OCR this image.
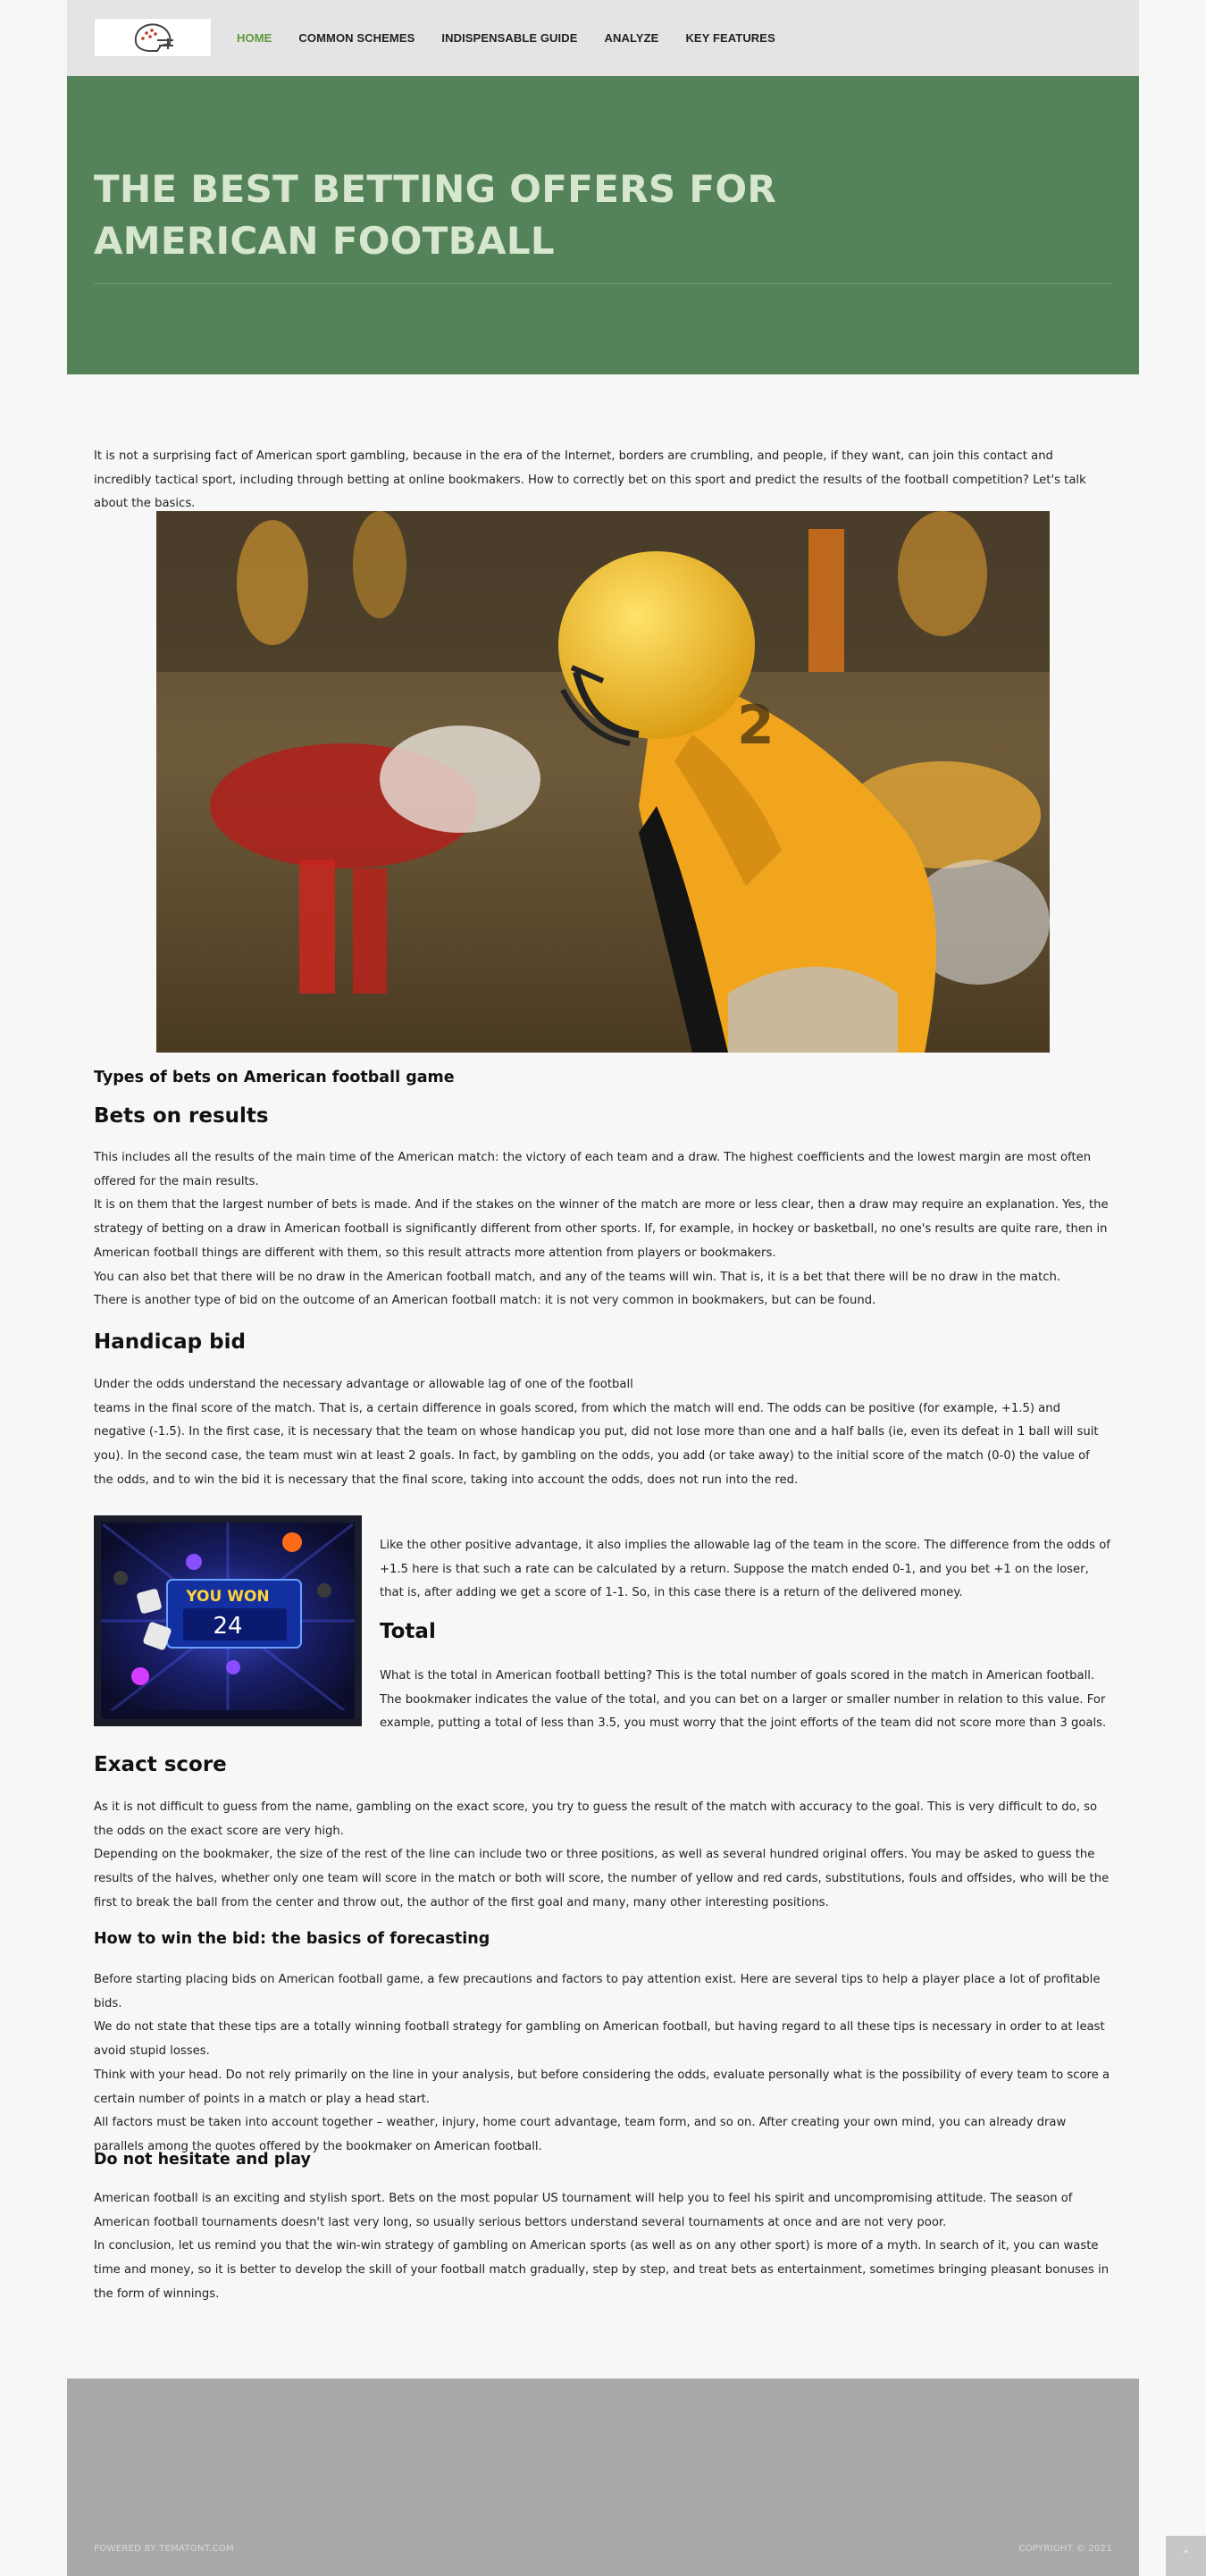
HOME COMMON SCHEMES INDISPENSABLE GUIDE ANALYZE KEY FEATURES
THE BEST BETTING OFFERS FOR AMERICAN FOOTBALL

It is not a surprising fact of American sport gambling, because in the era of the Internet, borders are crumbling, and people, if they want, can join this contact and incredibly tactical sport, including through betting at online bookmakers. How to correctly bet on this sport and predict the results of the football competition? Let's talk about the basics.

2
Types of bets on American football game
Bets on results

This includes all the results of the main time of the American match: the victory of each team and a draw. The highest coefficients and the lowest margin are most often offered for the main results.

It is on them that the largest number of bets is made. And if the stakes on the winner of the match are more or less clear, then a draw may require an explanation. Yes, the strategy of betting on a draw in American football is significantly different from other sports. If, for example, in hockey or basketball, no one's results are quite rare, then in American football things are different with them, so this result attracts more attention from players or bookmakers.

You can also bet that there will be no draw in the American football match, and any of the teams will win. That is, it is a bet that there will be no draw in the match.

There is another type of bid on the outcome of an American football match: it is not very common in bookmakers, but can be found.

Handicap bid

Under the odds understand the necessary advantage or allowable lag of one of the football

teams in the final score of the match. That is, a certain difference in goals scored, from which the match will end. The odds can be positive (for example, +1.5) and negative (-1.5). In the first case, it is necessary that the team on whose handicap you put, did not lose more than one and a half balls (ie, even its defeat in 1 ball will suit you). In the second case, the team must win at least 2 goals. In fact, by gambling on the odds, you add (or take away) to the initial score of the match (0-0) the value of the odds, and to win the bid it is necessary that the final score, taking into account the odds, does not run into the red.

YOU WON
24

Like the other positive advantage, it also implies the allowable lag of the team in the score. The difference from the odds of +1.5 here is that such a rate can be calculated by a return. Suppose the match ended 0-1, and you bet +1 on the loser, that is, after adding we get a score of 1-1. So, in this case there is a return of the delivered money.

Total

What is the total in American football betting? This is the total number of goals scored in the match in American football. The bookmaker indicates the value of the total, and you can bet on a larger or smaller number in relation to this value. For example, putting a total of less than 3.5, you must worry that the joint efforts of the team did not score more than 3 goals.

Exact score

As it is not difficult to guess from the name, gambling on the exact score, you try to guess the result of the match with accuracy to the goal. This is very difficult to do, so the odds on the exact score are very high.

Depending on the bookmaker, the size of the rest of the line can include two or three positions, as well as several hundred original offers. You may be asked to guess the results of the halves, whether only one team will score in the match or both will score, the number of yellow and red cards, substitutions, fouls and offsides, who will be the first to break the ball from the center and throw out, the author of the first goal and many, many other interesting positions.

How to win the bid: the basics of forecasting

Before starting placing bids on American football game, a few precautions and factors to pay attention exist. Here are several tips to help a player place a lot of profitable bids.

We do not state that these tips are a totally winning football strategy for gambling on American football, but having regard to all these tips is necessary in order to at least avoid stupid losses.

Think with your head. Do not rely primarily on the line in your analysis, but before considering the odds, evaluate personally what is the possibility of every team to score a certain number of points in a match or play a head start.

All factors must be taken into account together – weather, injury, home court advantage, team form, and so on. After creating your own mind, you can already draw parallels among the quotes offered by the bookmaker on American football.

Do not hesitate and play

American football is an exciting and stylish sport. Bets on the most popular US tournament will help you to feel his spirit and uncompromising attitude. The season of American football tournaments doesn't last very long, so usually serious bettors understand several tournaments at once and are not very poor.

In conclusion, let us remind you that the win-win strategy of gambling on American sports (as well as on any other sport) is more of a myth. In search of it, you can waste time and money, so it is better to develop the skill of your football match gradually, step by step, and treat bets as entertainment, sometimes bringing pleasant bonuses in the form of winnings.

POWERED BY TEMATONT.COM	COPYRIGHT © 2021	⌃
